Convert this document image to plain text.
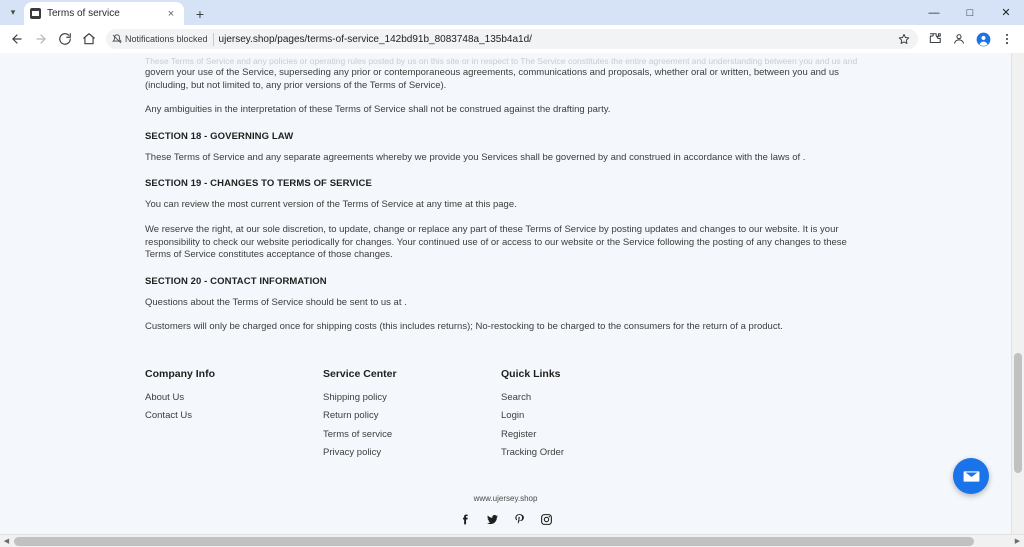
▾	Terms of service	×	+	—	□	✕
Notifications blocked ujersey.shop/pages/terms-of-service_142bd91b_8083748a_135b4a1d/
These Terms of Service and any policies or operating rules posted by us on this site or in respect to The Service constitutes the entire agreement and understanding between you and us and

govern your use of the Service, superseding any prior or contemporaneous agreements, communications and proposals, whether oral or written, between you and us (including, but not limited to, any prior versions of the Terms of Service).

Any ambiguities in the interpretation of these Terms of Service shall not be construed against the drafting party.

SECTION 18 - GOVERNING LAW

These Terms of Service and any separate agreements whereby we provide you Services shall be governed by and construed in accordance with the laws of .

SECTION 19 - CHANGES TO TERMS OF SERVICE

You can review the most current version of the Terms of Service at any time at this page.

We reserve the right, at our sole discretion, to update, change or replace any part of these Terms of Service by posting updates and changes to our website. It is your responsibility to check our website periodically for changes. Your continued use of or access to our website or the Service following the posting of any changes to these Terms of Service constitutes acceptance of those changes.

SECTION 20 - CONTACT INFORMATION

Questions about the Terms of Service should be sent to us at .

Customers will only be charged once for shipping costs (this includes returns); No-restocking to be charged to the consumers for the return of a product.

Company Info
About Us
Contact Us
Service Center
Shipping policy
Return policy
Terms of service
Privacy policy
Quick Links
Search
Login
Register
Tracking Order
www.ujersey.shop
◀	▶
